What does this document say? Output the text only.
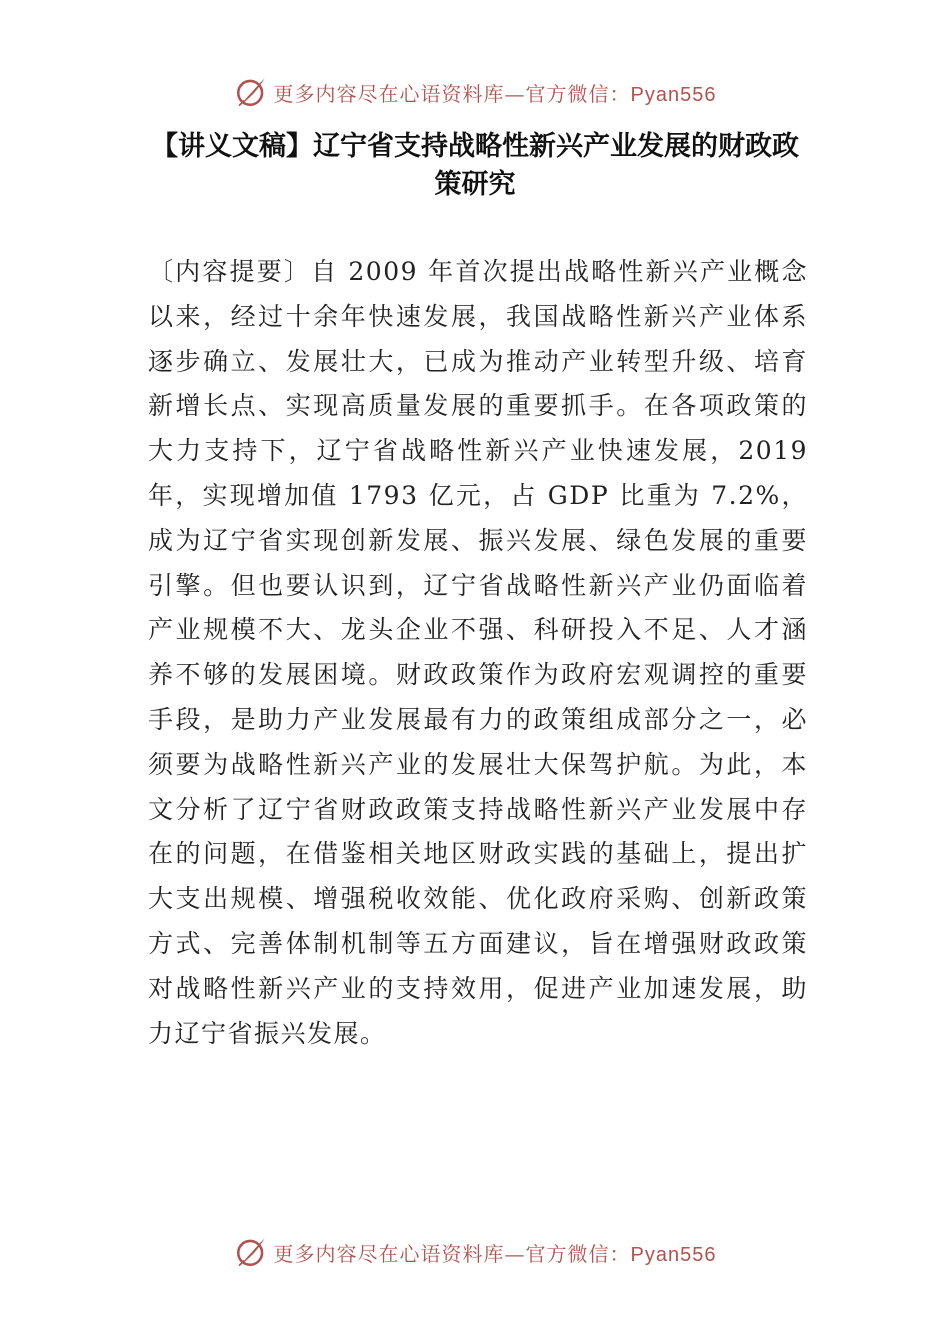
更多内容尽在心语资料库—官方微信：Pyan556
【讲义文稿】辽宁省支持战略性新兴产业发展的财政政策研究

〔内容提要〕自 2009 年首次提出战略性新兴产业概念以来，经过十余年快速发展，我国战略性新兴产业体系逐步确立、发展壮大，已成为推动产业转型升级、培育新增长点、实现高质量发展的重要抓手。在各项政策的大力支持下，辽宁省战略性新兴产业快速发展，2019 年，实现增加值 1793 亿元，占 GDP 比重为 7.2%，成为辽宁省实现创新发展、振兴发展、绿色发展的重要引擎。但也要认识到，辽宁省战略性新兴产业仍面临着产业规模不大、龙头企业不强、科研投入不足、人才涵养不够的发展困境。财政政策作为政府宏观调控的重要手段，是助力产业发展最有力的政策组成部分之一，必须要为战略性新兴产业的发展壮大保驾护航。为此，本文分析了辽宁省财政政策支持战略性新兴产业发展中存在的问题，在借鉴相关地区财政实践的基础上，提出扩大支出规模、增强税收效能、优化政府采购、创新政策方式、完善体制机制等五方面建议，旨在增强财政政策对战略性新兴产业的支持效用，促进产业加速发展，助力辽宁省振兴发展。

更多内容尽在心语资料库—官方微信：Pyan556
